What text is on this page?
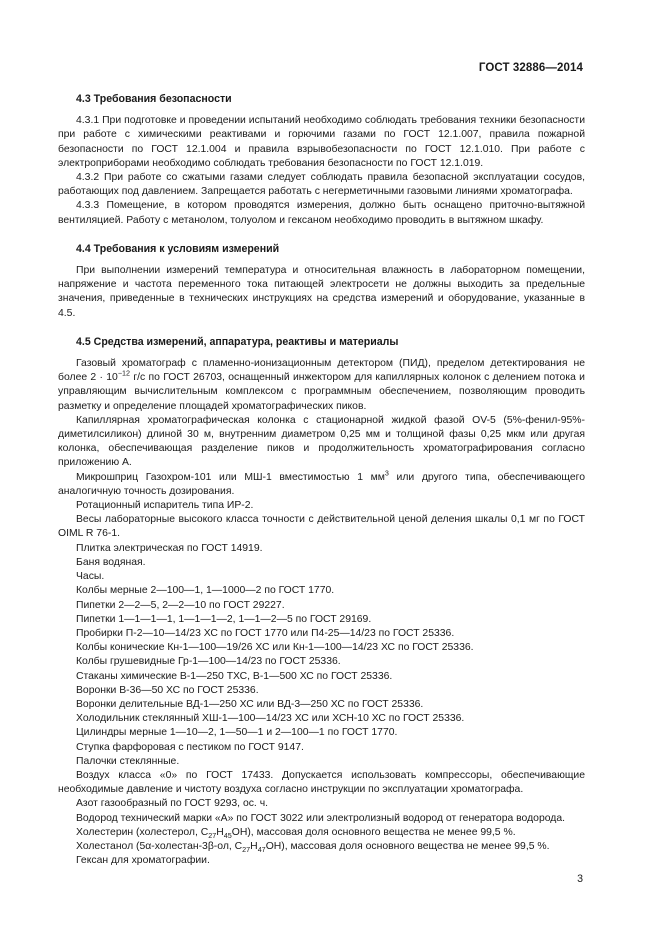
ГОСТ 32886—2014
4.3 Требования безопасности

4.3.1 При подготовке и проведении испытаний необходимо соблюдать требования техники безопасности при работе с химическими реактивами и горючими газами по ГОСТ 12.1.007, правила пожарной безопасности по ГОСТ 12.1.004 и правила взрывобезопасности по ГОСТ 12.1.010. При работе с электроприборами необходимо соблюдать требования безопасности по ГОСТ 12.1.019.

4.3.2 При работе со сжатыми газами следует соблюдать правила безопасной эксплуатации сосудов, работающих под давлением. Запрещается работать с негерметичными газовыми линиями хроматографа.

4.3.3 Помещение, в котором проводятся измерения, должно быть оснащено приточно-вытяжной вентиляцией. Работу с метанолом, толуолом и гексаном необходимо проводить в вытяжном шкафу.

4.4 Требования к условиям измерений

При выполнении измерений температура и относительная влажность в лабораторном помещении, напряжение и частота переменного тока питающей электросети не должны выходить за предельные значения, приведенные в технических инструкциях на средства измерений и оборудование, указанные в 4.5.

4.5 Средства измерений, аппаратура, реактивы и материалы

Газовый хроматограф с пламенно-ионизационным детектором (ПИД), пределом детектирования не более $2 \cdot 10^{-12}$ г/с по ГОСТ 26703, оснащенный инжектором для капиллярных колонок с делением потока и управляющим вычислительным комплексом с программным обеспечением, позволяющим проводить разметку и определение площадей хроматографических пиков.

Капиллярная хроматографическая колонка с стационарной жидкой фазой OV-5 (5%-фенил-95%-диметилсиликон) длиной 30 м, внутренним диаметром 0,25 мм и толщиной фазы 0,25 мкм или другая колонка, обеспечивающая разделение пиков и продолжительность хроматографирования согласно приложению А.

Микрошприц Газохром-101 или МШ-1 вместимостью 1 $мм^3$ или другого типа, обеспечивающего аналогичную точность дозирования.

Ротационный испаритель типа ИР-2.

Весы лабораторные высокого класса точности с действительной ценой деления шкалы 0,1 мг по ГОСТ OIML R 76-1.

Плитка электрическая по ГОСТ 14919.

Баня водяная.

Часы.

Колбы мерные 2—100—1, 1—1000—2 по ГОСТ 1770.

Пипетки 2—2—5, 2—2—10 по ГОСТ 29227.

Пипетки 1—1—1—1, 1—1—1—2, 1—1—2—5 по ГОСТ 29169.

Пробирки П-2—10—14/23 ХС по ГОСТ 1770 или П4-25—14/23 по ГОСТ 25336.

Колбы конические Кн-1—100—19/26 ХС или Кн-1—100—14/23 ХС по ГОСТ 25336.

Колбы грушевидные Гр-1—100—14/23 по ГОСТ 25336.

Стаканы химические В-1—250 ТХС, В-1—500 ХС по ГОСТ 25336.

Воронки В-36—50 ХС по ГОСТ 25336.

Воронки делительные ВД-1—250 ХС или ВД-3—250 ХС по ГОСТ 25336.

Холодильник стеклянный ХШ-1—100—14/23 ХС или ХСН-10 ХС по ГОСТ 25336.

Цилиндры мерные 1—10—2, 1—50—1 и 2—100—1 по ГОСТ 1770.

Ступка фарфоровая с пестиком по ГОСТ 9147.

Палочки стеклянные.

Воздух класса «0» по ГОСТ 17433. Допускается использовать компрессоры, обеспечивающие необходимые давление и чистоту воздуха согласно инструкции по эксплуатации хроматографа.

Азот газообразный по ГОСТ 9293, ос. ч.

Водород технический марки «А» по ГОСТ 3022 или электролизный водород от генератора водорода.

Холестерин (холестерол, $C_{27}H_{45}OH$), массовая доля основного вещества не менее 99,5 %.

Холестанол (5α-холестан-3β-ол, $C_{27}H_{47}OH$), массовая доля основного вещества не менее 99,5 %.

Гексан для хроматографии.

3
